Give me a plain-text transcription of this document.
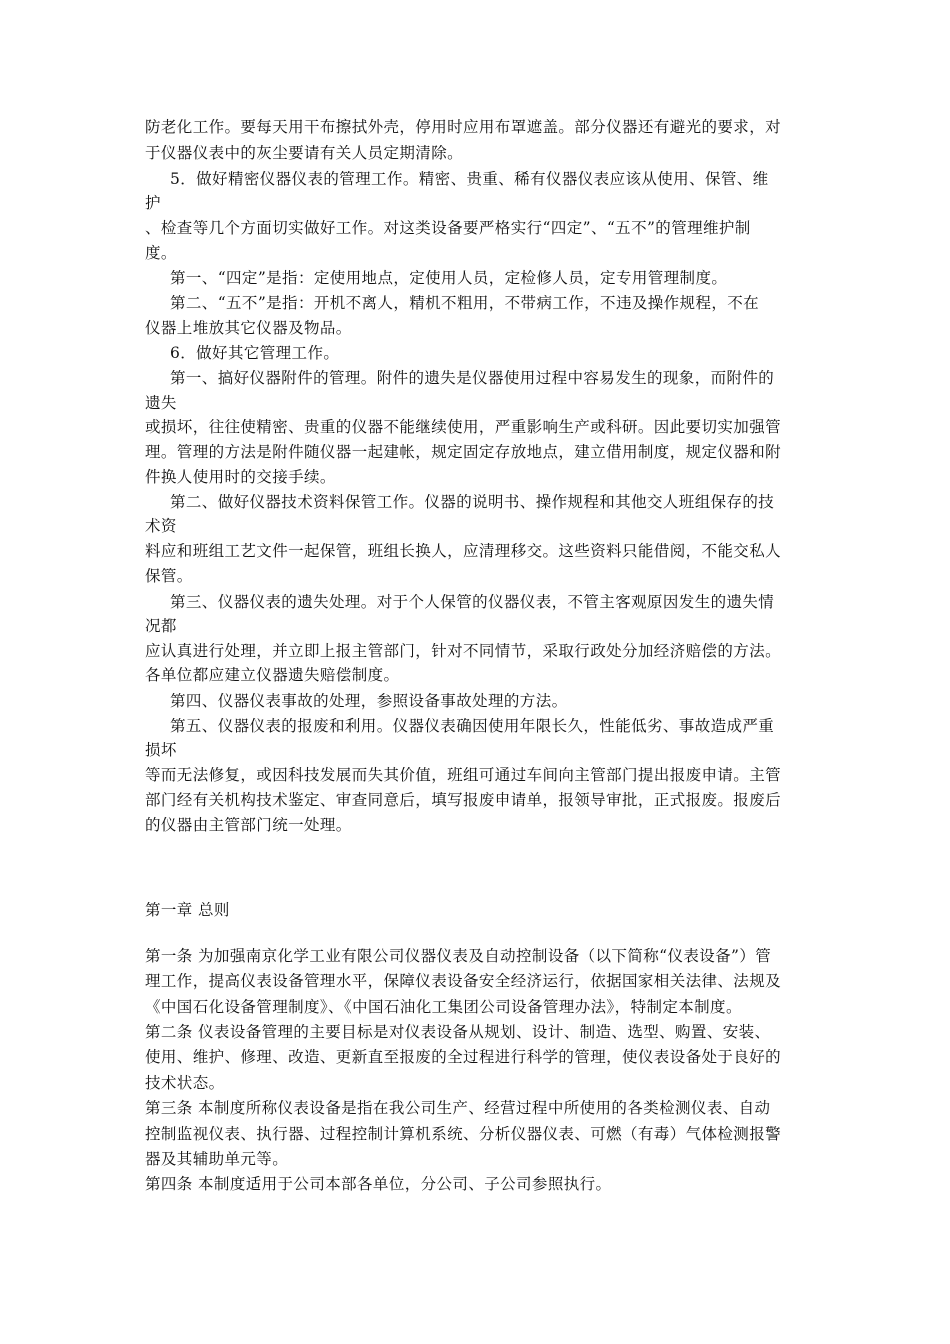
防老化工作。要每天用干布擦拭外壳，停用时应用布罩遮盖。部分仪器还有避光的要求，对
于仪器仪表中的灰尘要请有关人员定期清除。
5．做好精密仪器仪表的管理工作。精密、贵重、稀有仪器仪表应该从使用、保管、维
护
、检查等几个方面切实做好工作。对这类设备要严格实行“四定”、“五不”的管理维护制
度。
第一、“四定”是指：定使用地点，定使用人员，定检修人员，定专用管理制度。
第二、“五不”是指：开机不离人，精机不粗用，不带病工作，不违及操作规程，不在
仪器上堆放其它仪器及物品。
6．做好其它管理工作。
第一、搞好仪器附件的管理。附件的遗失是仪器使用过程中容易发生的现象，而附件的
遗失
或损坏，往往使精密、贵重的仪器不能继续使用，严重影响生产或科研。因此要切实加强管
理。管理的方法是附件随仪器一起建帐，规定固定存放地点，建立借用制度，规定仪器和附
件换人使用时的交接手续。
第二、做好仪器技术资料保管工作。仪器的说明书、操作规程和其他交人班组保存的技
术资
料应和班组工艺文件一起保管，班组长换人，应清理移交。这些资料只能借阅，不能交私人
保管。
第三、仪器仪表的遗失处理。对于个人保管的仪器仪表，不管主客观原因发生的遗失情
况都
应认真进行处理，并立即上报主管部门，针对不同情节，采取行政处分加经济赔偿的方法。
各单位都应建立仪器遗失赔偿制度。
第四、仪器仪表事故的处理，参照设备事故处理的方法。
第五、仪器仪表的报废和利用。仪器仪表确因使用年限长久，性能低劣、事故造成严重
损坏
等而无法修复，或因科技发展而失其价值，班组可通过车间向主管部门提出报废申请。主管
部门经有关机构技术鉴定、审查同意后，填写报废申请单，报领导审批，正式报废。报废后
的仪器由主管部门统一处理。
第一章 总则
第一条 为加强南京化学工业有限公司仪器仪表及自动控制设备（以下简称“仪表设备”）管
理工作，提高仪表设备管理水平，保障仪表设备安全经济运行，依据国家相关法律、法规及
《中国石化设备管理制度》、《中国石油化工集团公司设备管理办法》，特制定本制度。
第二条 仪表设备管理的主要目标是对仪表设备从规划、设计、制造、选型、购置、安装、
使用、维护、修理、改造、更新直至报废的全过程进行科学的管理，使仪表设备处于良好的
技术状态。
第三条 本制度所称仪表设备是指在我公司生产、经营过程中所使用的各类检测仪表、自动
控制监视仪表、执行器、过程控制计算机系统、分析仪器仪表、可燃（有毒）气体检测报警
器及其辅助单元等。
第四条 本制度适用于公司本部各单位，分公司、子公司参照执行。
